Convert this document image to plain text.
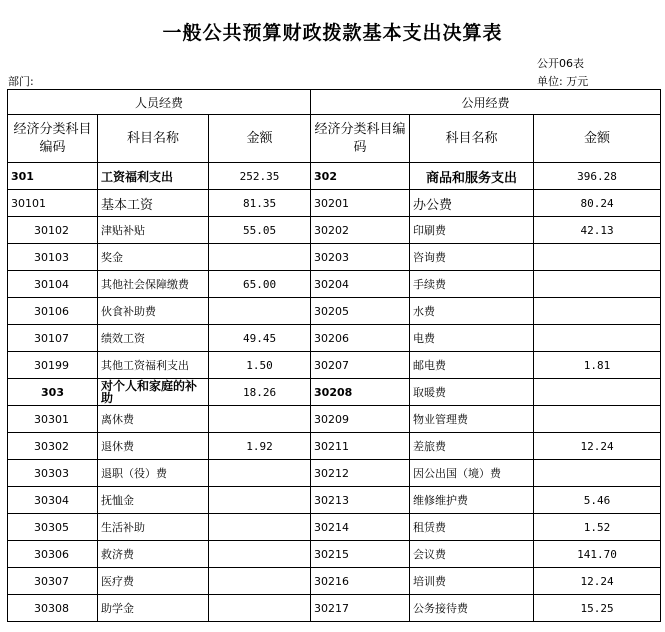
一般公共预算财政拨款基本支出决算表
公开06表
部门:	单位: 万元
人员经费			公用经费		
经济分类科目编码	科目名称	金额	经济分类科目编码	科目名称	金额
301	工资福利支出	252.35	302	商品和服务支出	396.28
30101	基本工资	81.35	30201	办公费	80.24
30102	津贴补贴	55.05	30202	印刷费	42.13
30103	奖金		30203	咨询费	
30104	其他社会保障缴费	65.00	30204	手续费	
30106	伙食补助费		30205	水费	
30107	绩效工资	49.45	30206	电费	
30199	其他工资福利支出	1.50	30207	邮电费	1.81
303	对个人和家庭的补助	18.26	30208	取暖费	
30301	离休费		30209	物业管理费	
30302	退休费	1.92	30211	差旅费	12.24
30303	退职（役）费		30212	因公出国（境）费	
30304	抚恤金		30213	维修维护费	5.46
30305	生活补助		30214	租赁费	1.52
30306	救济费		30215	会议费	141.70
30307	医疗费		30216	培训费	12.24
30308	助学金		30217	公务接待费	15.25
